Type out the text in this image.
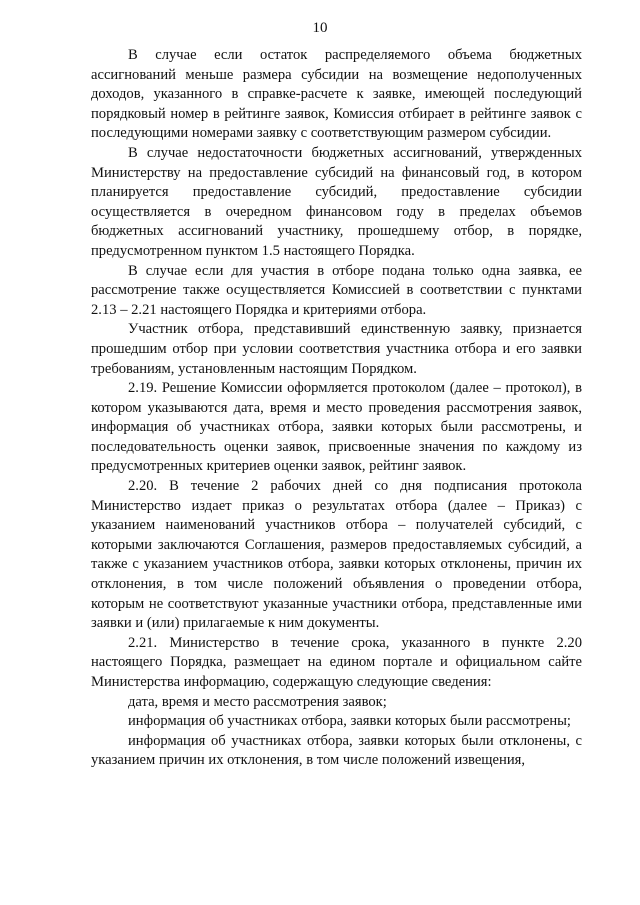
10

В случае если остаток распределяемого объема бюджетных ассигнований меньше размера субсидии на возмещение недополученных доходов, указанного в справке-расчете к заявке, имеющей последующий порядковый номер в рейтинге заявок, Комиссия отбирает в рейтинге заявок с последующими номерами заявку с соответствующим размером субсидии.

В случае недостаточности бюджетных ассигнований, утвержденных Министерству на предоставление субсидий на финансовый год, в котором планируется предоставление субсидий, предоставление субсидии осуществляется в очередном финансовом году в пределах объемов бюджетных ассигнований участнику, прошедшему отбор, в порядке, предусмотренном пунктом 1.5 настоящего Порядка.

В случае если для участия в отборе подана только одна заявка, ее рассмотрение также осуществляется Комиссией в соответствии с пунктами 2.13 – 2.21 настоящего Порядка и критериями отбора.

Участник отбора, представивший единственную заявку, признается прошедшим отбор при условии соответствия участника отбора и его заявки требованиям, установленным настоящим Порядком.

2.19. Решение Комиссии оформляется протоколом (далее – протокол), в котором указываются дата, время и место проведения рассмотрения заявок, информация об участниках отбора, заявки которых были рассмотрены, и последовательность оценки заявок, присвоенные значения по каждому из предусмотренных критериев оценки заявок, рейтинг заявок.

2.20. В течение 2 рабочих дней со дня подписания протокола Министерство издает приказ о результатах отбора (далее – Приказ) с указанием наименований участников отбора – получателей субсидий, с которыми заключаются Соглашения, размеров предоставляемых субсидий, а также с указанием участников отбора, заявки которых отклонены, причин их отклонения, в том числе положений объявления о проведении отбора, которым не соответствуют указанные участники отбора, представленные ими заявки и (или) прилагаемые к ним документы.

2.21. Министерство в течение срока, указанного в пункте 2.20 настоящего Порядка, размещает на едином портале и официальном сайте Министерства информацию, содержащую следующие сведения:

дата, время и место рассмотрения заявок;

информация об участниках отбора, заявки которых были рассмотрены;

информация об участниках отбора, заявки которых были отклонены, с указанием причин их отклонения, в том числе положений извещения,
